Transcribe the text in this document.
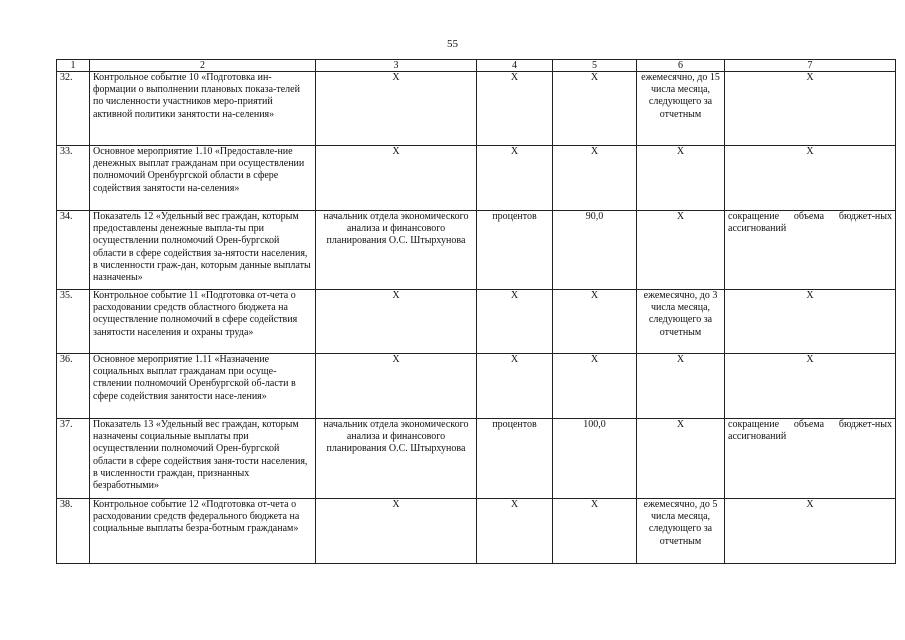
55
1	2	3	4	5	6	7
32.	Контрольное событие 10 «Подготовка ин-формации о выполнении плановых показа-телей по численности участников меро-приятий активной политики занятости на-селения»	X	X	X	ежемесячно, до 15 числа месяца, следующего за отчетным	X
33.	Основное мероприятие 1.10 «Предоставле-ние денежных выплат гражданам при осуществлении полномочий Оренбургской области в сфере содействия занятости на-селения»	X	X	X	X	X
34.	Показатель 12 «Удельный вес граждан, которым предоставлены денежные выпла-ты при осуществлении полномочий Орен-бургской области в сфере содействия за-нятости населения, в численности граж-дан, которым данные выплаты назначены»	начальник отдела экономического анализа и финансового планирования О.С. Штырхунова	процентов	90,0	X	сокращение объема бюджет-ных ассигнований
35.	Контрольное событие 11 «Подготовка от-чета о расходовании средств областного бюджета на осуществление полномочий в сфере содействия занятости населения и охраны труда»	X	X	X	ежемесячно, до 3 числа месяца, следующего за отчетным	X
36.	Основное мероприятие 1.11 «Назначение социальных выплат гражданам при осуще-ствлении полномочий Оренбургской об-ласти в сфере содействия занятости насе-ления»	X	X	X	X	X
37.	Показатель 13 «Удельный вес граждан, которым назначены социальные выплаты при осуществлении полномочий Орен-бургской области в сфере содействия заня-тости населения, в численности граждан, признанных безработными»	начальник отдела экономического анализа и финансового планирования О.С. Штырхунова	процентов	100,0	X	сокращение объема бюджет-ных ассигнований
38.	Контрольное событие 12 «Подготовка от-чета о расходовании средств федерального бюджета на социальные выплаты безра-ботным гражданам»	X	X	X	ежемесячно, до 5 числа месяца, следующего за отчетным	X
